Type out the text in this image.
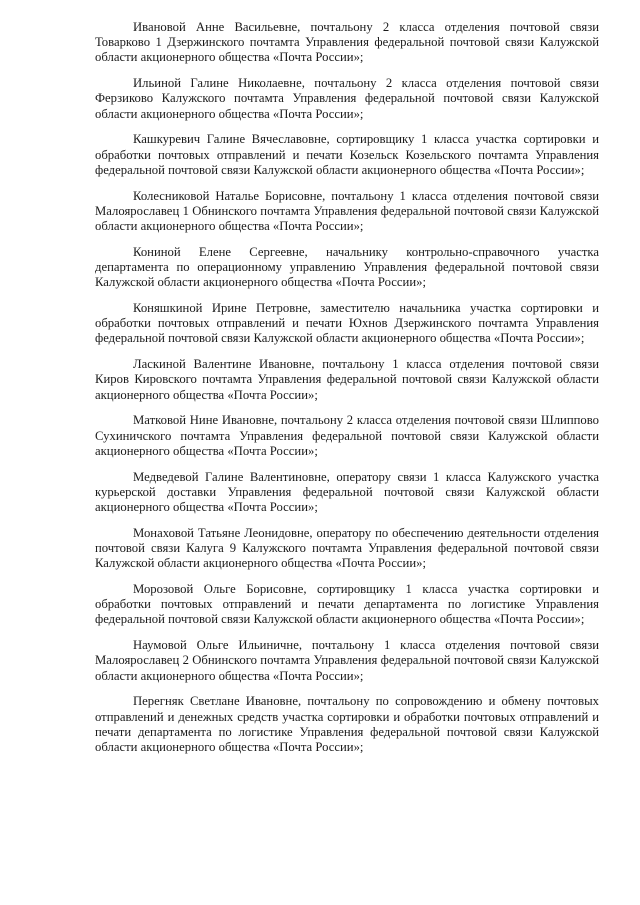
Ивановой Анне Васильевне, почтальону 2 класса отделения почтовой связи Товарково 1 Дзержинского почтамта Управления федеральной почтовой связи Калужской области акционерного общества «Почта России»;

Ильиной Галине Николаевне, почтальону 2 класса отделения почтовой связи Ферзиково Калужского почтамта Управления федеральной почтовой связи Калужской области акционерного общества «Почта России»;

Кашкуревич Галине Вячеславовне, сортировщику 1 класса участка сортировки и обработки почтовых отправлений и печати Козельск Козельского почтамта Управления федеральной почтовой связи Калужской области акционерного общества «Почта России»;

Колесниковой Наталье Борисовне, почтальону 1 класса отделения почтовой связи Малоярославец 1 Обнинского почтамта Управления федеральной почтовой связи Калужской области акционерного общества «Почта России»;

Кониной Елене Сергеевне, начальнику контрольно-справочного участка департамента по операционному управлению Управления федеральной почтовой связи Калужской области акционерного общества «Почта России»;

Коняшкиной Ирине Петровне, заместителю начальника участка сортировки и обработки почтовых отправлений и печати Юхнов Дзержинского почтамта Управления федеральной почтовой связи Калужской области акционерного общества «Почта России»;

Ласкиной Валентине Ивановне, почтальону 1 класса отделения почтовой связи Киров Кировского почтамта Управления федеральной почтовой связи Калужской области акционерного общества «Почта России»;

Матковой Нине Ивановне, почтальону 2 класса отделения почтовой связи Шлиппово Сухиничского почтамта Управления федеральной почтовой связи Калужской области акционерного общества «Почта России»;

Медведевой Галине Валентиновне, оператору связи 1 класса Калужского участка курьерской доставки Управления федеральной почтовой связи Калужской области акционерного общества «Почта России»;

Монаховой Татьяне Леонидовне, оператору по обеспечению деятельности отделения почтовой связи Калуга 9 Калужского почтамта Управления федеральной почтовой связи Калужской области акционерного общества «Почта России»;

Морозовой Ольге Борисовне, сортировщику 1 класса участка сортировки и обработки почтовых отправлений и печати департамента по логистике Управления федеральной почтовой связи Калужской области акционерного общества «Почта России»;

Наумовой Ольге Ильиничне, почтальону 1 класса отделения почтовой связи Малоярославец 2 Обнинского почтамта Управления федеральной почтовой связи Калужской области акционерного общества «Почта России»;

Перегняк Светлане Ивановне, почтальону по сопровождению и обмену почтовых отправлений и денежных средств участка сортировки и обработки почтовых отправлений и печати департамента по логистике Управления федеральной почтовой связи Калужской области акционерного общества «Почта России»;
